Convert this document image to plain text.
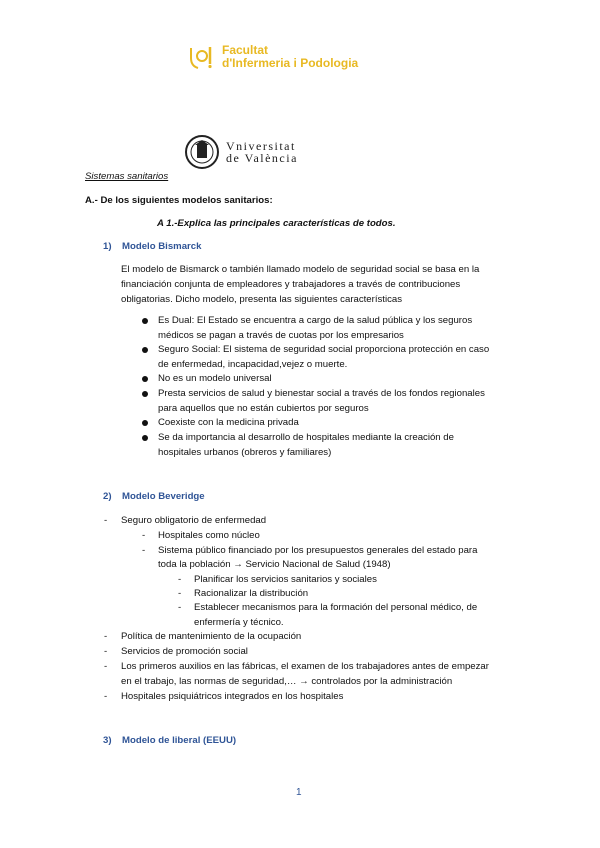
Facultat
d'Infermeria i Podologia
Vniversitat
de València
Sistemas sanitarios
A.- De los siguientes modelos sanitarios:
A 1.-Explica las principales características de todos.
1) Modelo Bismarck
El modelo de Bismarck o también llamado modelo de seguridad social se basa en la
financiación conjunta de empleadores y trabajadores a través de contribuciones
obligatorias. Dicho modelo, presenta las siguientes características
Es Dual: El Estado se encuentra a cargo de la salud pública y los seguros
médicos se pagan a través de cuotas por los empresarios
Seguro Social: El sistema de seguridad social proporciona protección en caso
de enfermedad, incapacidad,vejez o muerte.
No es un modelo universal
Presta servicios de salud y bienestar social a través de los fondos regionales
para aquellos que no están cubiertos por seguros
Coexiste con la medicina privada
Se da importancia al desarrollo de hospitales mediante la creación de
hospitales urbanos (obreros y familiares)
2) Modelo Beveridge
- Seguro obligatorio de enfermedad
- Hospitales como núcleo
- Sistema público financiado por los presupuestos generales del estado para
toda la población → Servicio Nacional de Salud (1948)
- Planificar los servicios sanitarios y sociales
- Racionalizar la distribución
- Establecer mecanismos para la formación del personal médico, de
enfermería y técnico.
- Política de mantenimiento de la ocupación
- Servicios de promoción social
- Los primeros auxilios en las fábricas, el examen de los trabajadores antes de empezar
en el trabajo, las normas de seguridad,… → controlados por la administración
- Hospitales psiquiátricos integrados en los hospitales
3) Modelo de liberal (EEUU)
1
